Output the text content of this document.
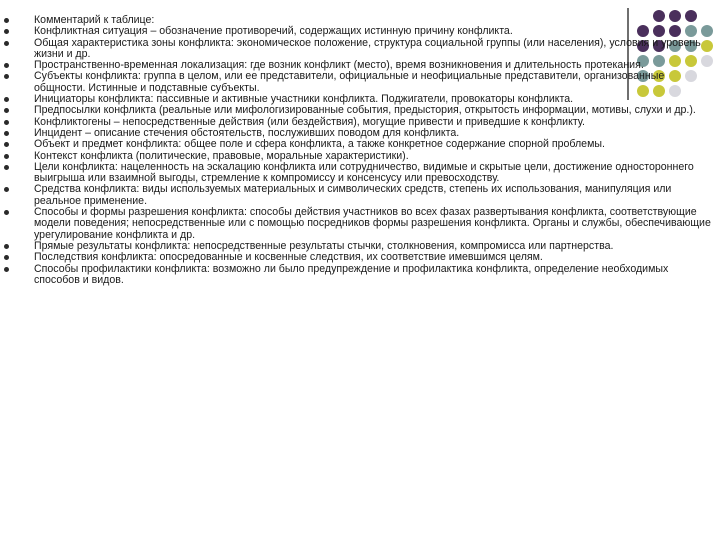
Комментарий к таблице:
Конфликтная ситуация – обозначение противоречий, содержащих истинную причину конфликта.
Общая характеристика зоны конфликта: экономическое положение, структура социальной группы (или населения), условия и уровень жизни и др.
Пространственно-временная локализация: где возник конфликт (место), время возникновения и длительность протекания.
Субъекты конфликта: группа в целом, или ее представители, официальные и неофициальные представители, организованные общности. Истинные и подставные субъекты.
Инициаторы конфликта: пассивные и активные участники конфликта. Поджигатели, провокаторы конфликта.
Предпосылки конфликта (реальные или мифологизированные события, предыстория, открытость информации, мотивы, слухи и др.).
Конфликтогены – непосредственные действия (или бездействия), могущие привести и приведшие к конфликту.
Инцидент – описание стечения обстоятельств, послуживших поводом для конфликта.
Объект и предмет конфликта: общее поле и сфера конфликта, а также конкретное содержание спорной проблемы.
Контекст конфликта (политические, правовые, моральные характеристики).
Цели конфликта: нацеленность на эскалацию конфликта или сотрудничество, видимые и скрытые цели, достижение одностороннего выигрыша или взаимной выгоды, стремление к компромиссу и консенсусу или превосходству.
Средства конфликта: виды используемых материальных и символических средств, степень их использования, манипуляция или реальное применение.
Способы и формы разрешения конфликта: способы действия участников во всех фазах развертывания конфликта, соответствующие модели поведения; непосредственные или с помощью посредников формы разрешения конфликта. Органы и службы, обеспечивающие урегулирование конфликта и др.
Прямые результаты конфликта: непосредственные результаты стычки, столкновения, компромисса или партнерства.
Последствия конфликта: опосредованные и косвенные следствия, их соответствие имевшимся целям.
Способы профилактики конфликта: возможно ли было предупреждение и профилактика конфликта, определение необходимых способов и видов.
